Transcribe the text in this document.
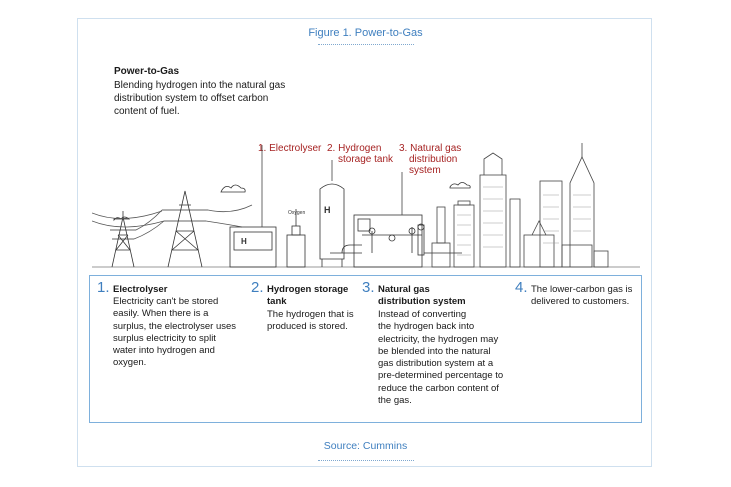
Figure 1. Power-to-Gas
Power-to-Gas
Blending hydrogen into the natural gas distribution system to offset carbon content of fuel.
1. Electrolyser 2. Hydrogen
storage tank
3. Natural gas
distribution
system
Oxygen
H
H
1. Electrolyser
Electricity can't be stored
easily. When there is a
surplus, the electrolyser uses
surplus electricity to split
water into hydrogen and
oxygen.
2. Hydrogen storage
tank
The hydrogen that is
produced is stored.
3. Natural gas
distribution system
Instead of converting
the hydrogen back into
electricity, the hydrogen may
be blended into the natural
gas distribution system at a
pre-determined percentage to
reduce the carbon content of
the gas.
4. The lower-carbon gas is
delivered to customers.
Source: Cummins
